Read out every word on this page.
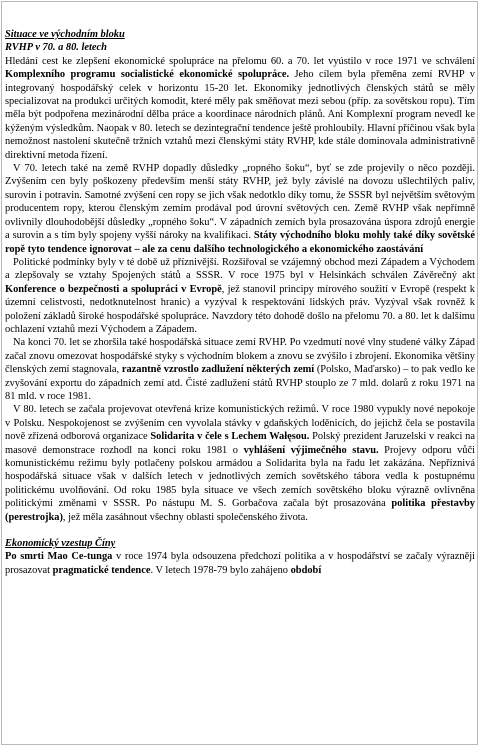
Situace ve východním bloku
RVHP v 70. a 80. letech

Hledání cest ke zlepšení ekonomické spolupráce na přelomu 60. a 70. let vyústilo v roce 1971 ve schválení Komplexního programu socialistické ekonomické spolupráce. Jeho cílem byla přeměna zemí RVHP v integrovaný hospodářský celek v horizontu 15-20 let. Ekonomiky jednotlivých členských států se měly specializovat na produkci určitých komodit, které měly pak směňovat mezi sebou (příp. za sovětskou ropu). Tím měla být podpořena mezinárodní dělba práce a koordinace národních plánů. Ani Komplexní program nevedl ke kýženým výsledkům. Naopak v 80. letech se dezintegrační tendence ještě prohloubily. Hlavní příčinou však byla nemožnost nastolení skutečně tržních vztahů mezi členskými státy RVHP, kde stále dominovala administrativně direktivní metoda řízení.

V 70. letech také na země RVHP dopadly důsledky „ropného šoku“, byť se zde projevily o něco později. Zvýšením cen byly poškozeny především menší státy RVHP, jež byly závislé na dovozu ušlechtilých paliv, surovin i potravin. Samotné zvýšení cen ropy se jich však nedotklo díky tomu, že SSSR byl největším světovým producentem ropy, kterou členským zemím prodával pod úrovní světových cen. Země RVHP však nepřímně ovlivnily dlouhodobější důsledky „ropného šoku“. V západních zemích byla prosazována úspora zdrojů energie a surovin a s tím byly spojeny vyšší nároky na kvalifikaci. Státy východního bloku mohly také díky sovětské ropě tyto tendence ignorovat – ale za cenu dalšího technologického a ekonomického zaostávání

Politické podmínky byly v té době už příznivější. Rozšiřoval se vzájemný obchod mezi Západem a Východem a zlepšovaly se vztahy Spojených států a SSSR. V roce 1975 byl v Helsinkách schválen Závěrečný akt Konference o bezpečnosti a spolupráci v Evropě, jež stanovil principy mírového soužití v Evropě (respekt k územní celistvosti, nedotknutelnost hranic) a vyzýval k respektování lidských práv. Vyzýval však rovněž k položení základů široké hospodářské spolupráce. Navzdory této dohodě došlo na přelomu 70. a 80. let k dalšímu ochlazení vztahů mezi Východem a Západem.

Na konci 70. let se zhoršila také hospodářská situace zemí RVHP. Po vzedmutí nové vlny studené války Západ začal znovu omezovat hospodářské styky s východním blokem a znovu se zvýšilo i zbrojení. Ekonomika většiny členských zemí stagnovala, razantně vzrostlo zadlužení některých zemí (Polsko, Maďarsko) – to pak vedlo ke zvyšování exportu do západních zemí atd. Čisté zadlužení států RVHP stouplo ze 7 mld. dolarů z roku 1971 na 81 mld. v roce 1981.

V 80. letech se začala projevovat otevřená krize komunistických režimů. V roce 1980 vypukly nové nepokoje v Polsku. Nespokojenost se zvýšením cen vyvolala stávky v gdaňských loděnicích, do jejichž čela se postavila nově zřízená odborová organizace Solidarita v čele s Lechem Wałęsou. Polský prezident Jaruzelski v reakci na masové demonstrace rozhodl na konci roku 1981 o vyhlášení výjimečného stavu. Projevy odporu vůči komunistickému režimu byly potlačeny polskou armádou a Solidarita byla na řadu let zakázána. Nepříznivá hospodářská situace však v dalších letech v jednotlivých zemích sovětského tábora vedla k postupnému politickému uvolňování. Od roku 1985 byla situace ve všech zemích sovětského bloku výrazně ovlivněna politickými změnami v SSSR. Po nástupu M. S. Gorbačova začala být prosazována politika přestavby (perestrojka), jež měla zasáhnout všechny oblasti společenského života.

Ekonomický vzestup Číny

Po smrti Mao Ce-tunga v roce 1974 byla odsouzena předchozí politika a v hospodářství se začaly výrazněji prosazovat pragmatické tendence. V letech 1978-79 bylo zahájeno období
